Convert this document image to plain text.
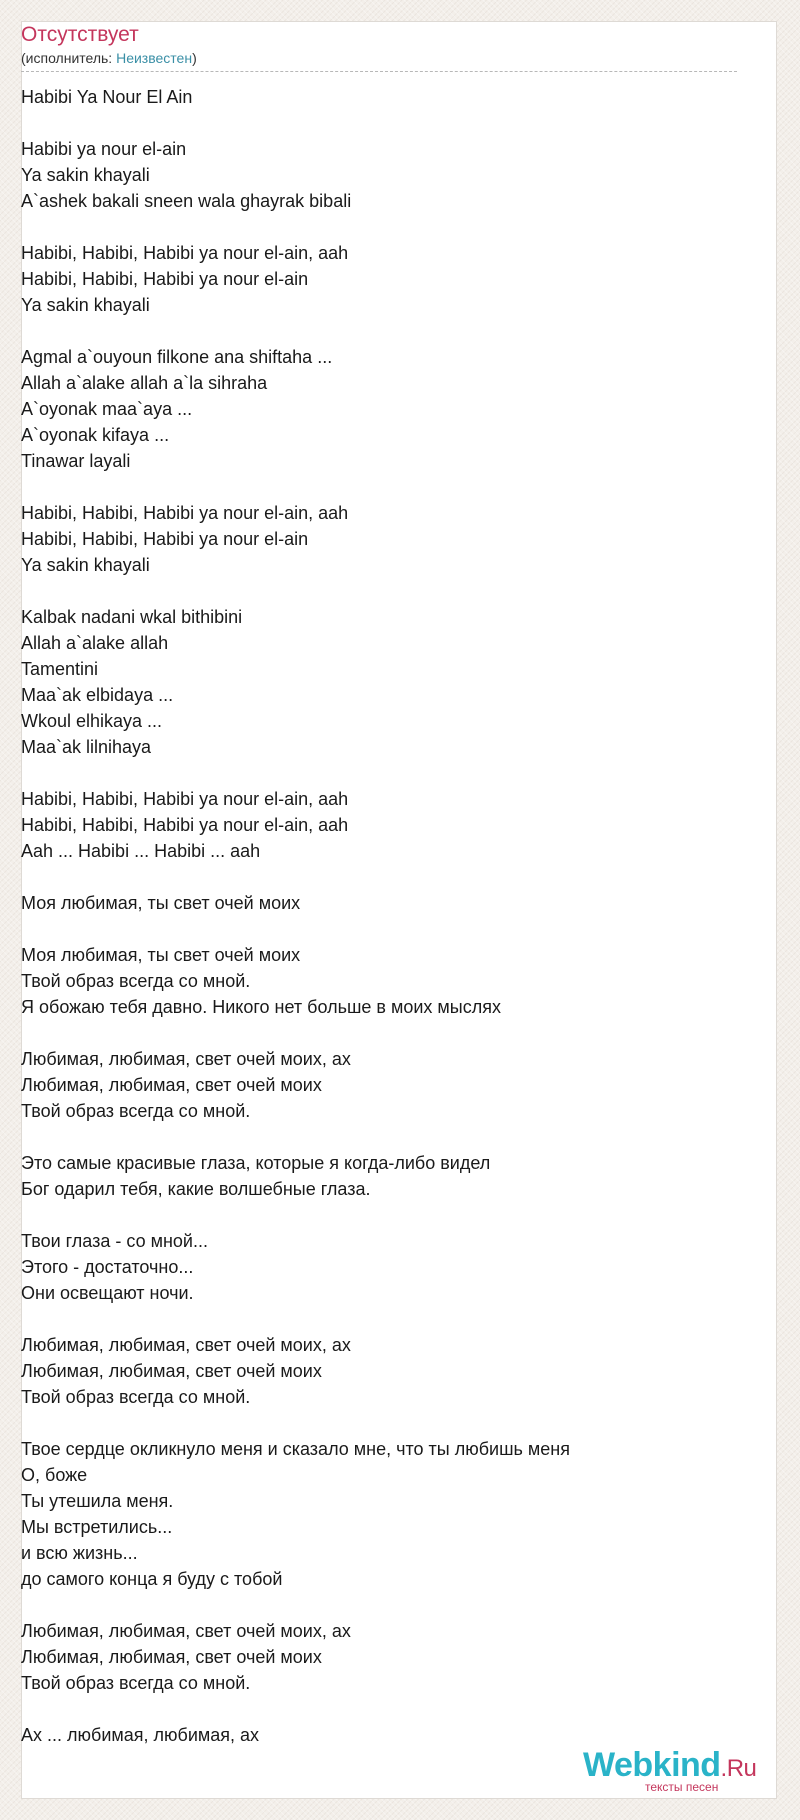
Отсутствует
(исполнитель: Неизвестен)
Habibi Ya Nour El Ain
Habibi ya nour el-ain
Ya sakin khayali
A`ashek bakali sneen wala ghayrak bibali
Habibi, Habibi, Habibi ya nour el-ain, aah
Habibi, Habibi, Habibi ya nour el-ain
Ya sakin khayali
Agmal a`ouyoun filkone ana shiftaha ...
Allah a`alake allah a`la sihraha
A`oyonak maa`aya ...
A`oyonak kifaya ...
Tinawar layali
Habibi, Habibi, Habibi ya nour el-ain, aah
Habibi, Habibi, Habibi ya nour el-ain
Ya sakin khayali
Kalbak nadani wkal bithibini
Allah a`alake allah
Tamentini
Maa`ak elbidaya ...
Wkoul elhikaya ...
Maa`ak lilnihaya
Habibi, Habibi, Habibi ya nour el-ain, aah
Habibi, Habibi, Habibi ya nour el-ain, aah
Aah ... Habibi ... Habibi ... aah
Моя любимая, ты свет очей моих
Моя любимая, ты свет очей моих
Твой образ всегда со мной.
Я обожаю тебя давно. Никого нет больше в моих мыслях
Любимая, любимая, свет очей моих, ах
Любимая, любимая, свет очей моих
Твой образ всегда со мной.
Это самые красивые глаза, которые я когда-либо видел
Бог одарил тебя, какие волшебные глаза.
Твои глаза - со мной...
Этого - достаточно...
Они освещают ночи.
Любимая, любимая, свет очей моих, ах
Любимая, любимая, свет очей моих
Твой образ всегда со мной.
Твое сердце окликнуло меня и сказало мне, что ты любишь меня
О, боже
Ты утешила меня.
Мы встретились...
и всю жизнь...
до самого конца я буду с тобой
Любимая, любимая, свет очей моих, ах
Любимая, любимая, свет очей моих
Твой образ всегда со мной.
Ах ... любимая, любимая, ах
Webkind.Ru
тексты песен
